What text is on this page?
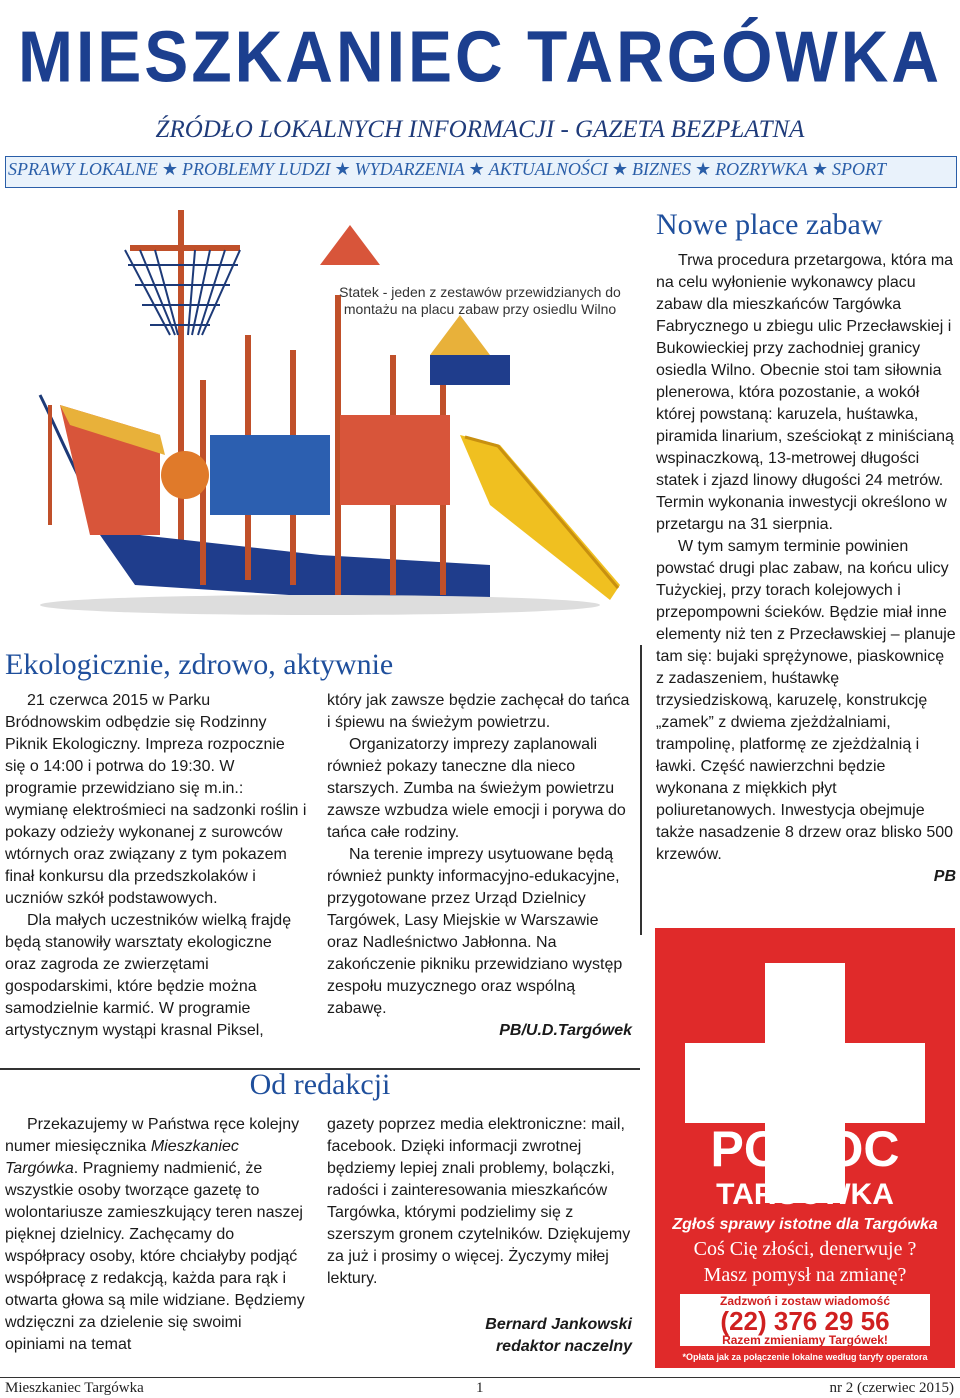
MIESZKANIEC TARGÓWKA
ŹRÓDŁO LOKALNYCH INFORMACJI - GAZETA BEZPŁATNA
SPRAWY LOKALNE ★ PROBLEMY LUDZI ★ WYDARZENIA ★ AKTUALNOŚCI ★ BIZNES ★ ROZRYWKA ★ SPORT
Statek - jeden z zestawów przewidzianych do montażu na placu zabaw przy osiedlu Wilno
Nowe place zabaw

Trwa procedura przetargowa, która ma na celu wyłonienie wykonawcy placu zabaw dla mieszkańców Targówka Fabrycznego u zbiegu ulic Przecławskiej i Bukowieckiej przy zachodniej granicy osiedla Wilno. Obecnie stoi tam siłownia plenerowa, która pozostanie, a wokół której powstaną: karuzela, huśtawka, piramida linarium, sześciokąt z miniścianą wspinaczkową, 13-metrowej długości statek i zjazd linowy długości 24 metrów. Termin wykonania inwestycji określono w przetargu na 31 sierpnia.

W tym samym terminie powinien powstać drugi plac zabaw, na końcu ulicy Tużyckiej, przy torach kolejowych i przepompowni ścieków. Będzie miał inne elementy niż ten z Przecławskiej – planuje tam się: bujaki sprężynowe, piaskownicę z zadaszeniem, huśtawkę trzysiedziskową, karuzelę, konstrukcję „zamek” z dwiema zjeżdżalniami, trampolinę, platformę ze zjeżdżalnią i ławki. Część nawierzchni będzie wykonana z miękkich płyt poliuretanowych. Inwestycja obejmuje także nasadzenie 8 drzew oraz blisko 500 krzewów.

PB

Ekologicznie, zdrowo, aktywnie

21 czerwca 2015 w Parku Bródnowskim odbędzie się Rodzinny Piknik Ekologiczny. Impreza rozpocznie się o 14:00 i potrwa do 19:30. W programie przewidziano się m.in.: wymianę elektrośmieci na sadzonki roślin i pokazy odzieży wykonanej z surowców wtórnych oraz związany z tym pokazem finał konkursu dla przedszkolaków i uczniów szkół podstawowych.

Dla małych uczestników wielką frajdę będą stanowiły warsztaty ekologiczne oraz zagroda ze zwierzętami gospodarskimi, które będzie można samodzielnie karmić. W programie artystycznym wystąpi krasnal Piksel,

który jak zawsze będzie zachęcał do tańca i śpiewu na świeżym powietrzu.

Organizatorzy imprezy zaplanowali również pokazy taneczne dla nieco starszych. Zumba na świeżym powietrzu zawsze wzbudza wiele emocji i porywa do tańca całe rodziny.

Na terenie imprezy usytuowane będą również punkty informacyjno-edukacyjne, przygotowane przez Urząd Dzielnicy Targówek, Lasy Miejskie w Warszawie oraz Nadleśnictwo Jabłonna. Na zakończenie pikniku przewidziano występ zespołu muzycznego oraz wspólną zabawę.

PB/U.D.Targówek

Od redakcji

Przekazujemy w Państwa ręce kolejny numer miesięcznika Mieszkaniec Targówka. Pragniemy nadmienić, że wszystkie osoby tworzące gazetę to wolontariusze zamieszkujący teren naszej pięknej dzielnicy. Zachęcamy do współpracy osoby, które chciałyby podjąć współpracę z redakcją, każda para rąk i otwarta głowa są mile widziane. Będziemy wdzięczni za dzielenie się swoimi opiniami na temat

gazety poprzez media elektroniczne: mail, facebook. Dzięki informacji zwrotnej będziemy lepiej znali problemy, bolączki, radości i zainteresowania mieszkańców Targówka, którymi podzielimy się z szerszym gronem czytelników. Dziękujemy za już i prosimy o więcej. Życzymy miłej lektury.

Bernard Jankowski
redaktor naczelny
PIERWSZA
POMOC
TARGÓWKA
Zgłoś sprawy istotne dla Targówka
Coś Cię złości, denerwuje ?
Masz pomysł na zmianę?
Zadzwoń i zostaw wiadomość
(22) 376 29 56
Razem zmieniamy Targówek!
*Opłata jak za połączenie lokalne według taryfy operatora
Mieszkaniec Targówka	1	nr 2 (czerwiec 2015)
